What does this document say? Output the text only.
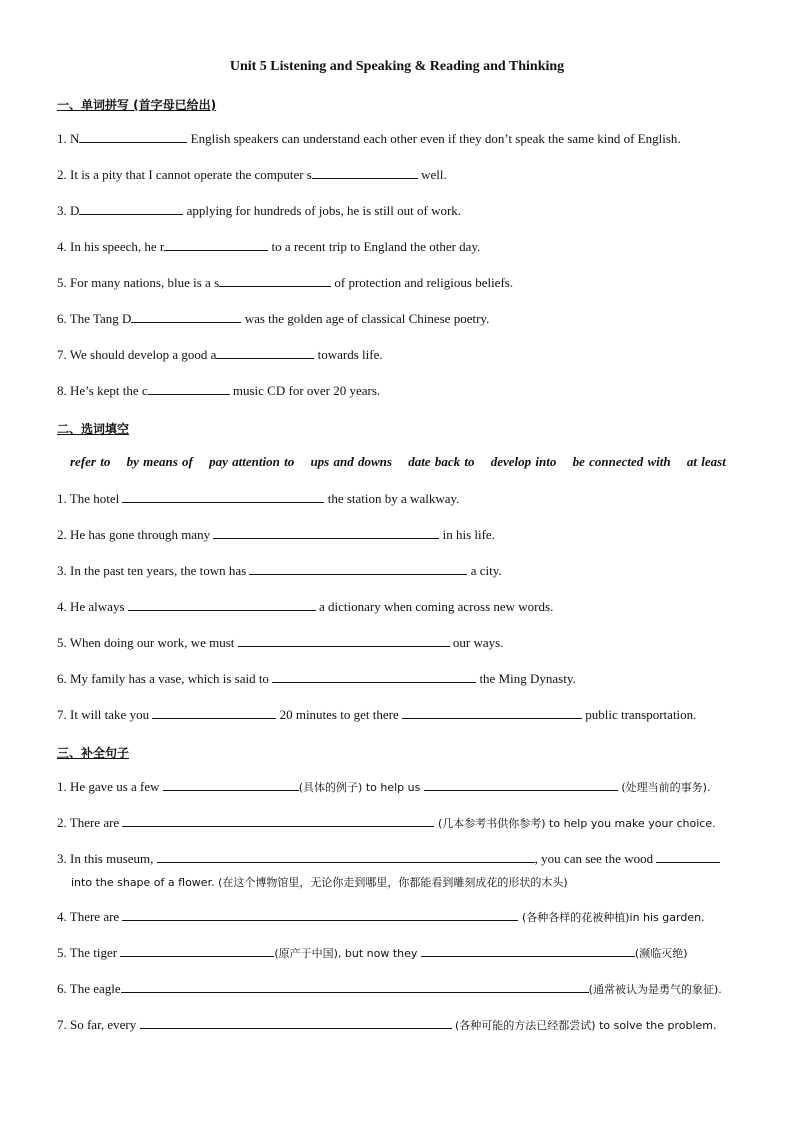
Unit 5 Listening and Speaking & Reading and Thinking
一、单词拼写 (首字母已给出)
1. N	English speakers can understand each other even if they don’t speak the same kind of English.
2. It is a pity that I cannot operate the computer s	well.
3. D	applying for hundreds of jobs, he is still out of work.
4. In his speech, he r	to a recent trip to England the other day.
5. For many nations, blue is a s	of protection and religious beliefs.
6. The Tang D	was the golden age of classical Chinese poetry.
7. We should develop a good a	towards life.
8. He’s kept the c	music CD for over 20 years.
二、选词填空
refer to by means of pay attention to ups and downs date back to develop into be connected with at least
1. The hotel	the station by a walkway.
2. He has gone through many	in his life.
3. In the past ten years, the town has	a city.
4. He always	a dictionary when coming across new words.
5. When doing our work, we must	our ways.
6. My family has a vase, which is said to	the Ming Dynasty.
7. It will take you	20 minutes to get there	public transportation.
三、补全句子
1. He gave us a few	(具体的例子) to help us	(处理当前的事务).
2. There are	(几本参考书供你参考) to help you make your choice.
3. In this museum,	, you can see the wood
into the shape of a flower. (在这个博物馆里，无论你走到哪里，你都能看到雕刻成花的形状的木头)
4. There are	(各种各样的花被种植)in his garden.
5. The tiger	(原产于中国), but now they	(濒临灭绝)
6. The eagle	(通常被认为是勇气的象征).
7. So far, every	(各种可能的方法已经都尝试) to solve the problem.
